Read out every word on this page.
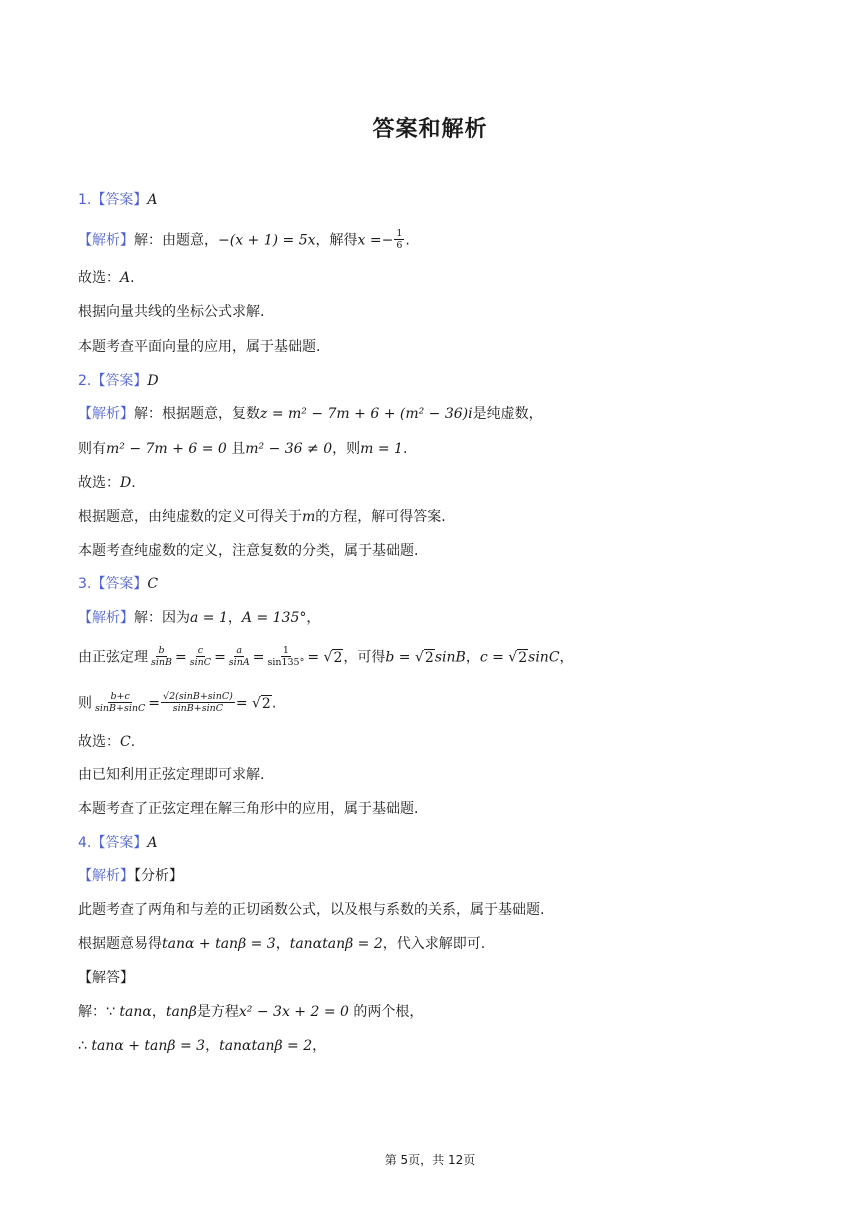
答案和解析
1.【答案】A
【解析】解：由题意，−(x + 1) = 5x，解得$x =- \frac{1}{6}$ .
故选：A.
根据向量共线的坐标公式求解.
本题考查平面向量的应用，属于基础题.
2.【答案】D
【解析】解：根据题意，复数z = m² − 7m + 6 + (m² − 36)i是纯虚数，
则有m² − 7m + 6 = 0 且m² − 36 ≠ 0，则m = 1.
故选：D.
根据题意，由纯虚数的定义可得关于m的方程，解可得答案.
本题考查纯虚数的定义，注意复数的分类，属于基础题.
3.【答案】C
【解析】解：因为a = 1，A = 135°，
由正弦定理 $\frac{b}{\sin B} = \frac{c}{\sin C} = \frac{a}{\sin A} = \frac{1}{\sin 135^\circ} = √2$，可得b = √2sinB，c = √2sinC，
则 $\frac{b+c}{\sin B+\sin C} = \frac{√2(\sin B+\sin C)}{\sin B+\sin C} = √2$.
故选：C.
由已知利用正弦定理即可求解.
本题考查了正弦定理在解三角形中的应用，属于基础题.
4.【答案】A
【解析】【分析】
此题考查了两角和与差的正切函数公式，以及根与系数的关系，属于基础题.
根据题意易得tanα + tanβ = 3，tanαtanβ = 2，代入求解即可.
【解答】
解：∵ tanα，tanβ是方程x² − 3x + 2 = 0 的两个根，
∴ tanα + tanβ = 3，tanαtanβ = 2，
第 5页，共 12页
